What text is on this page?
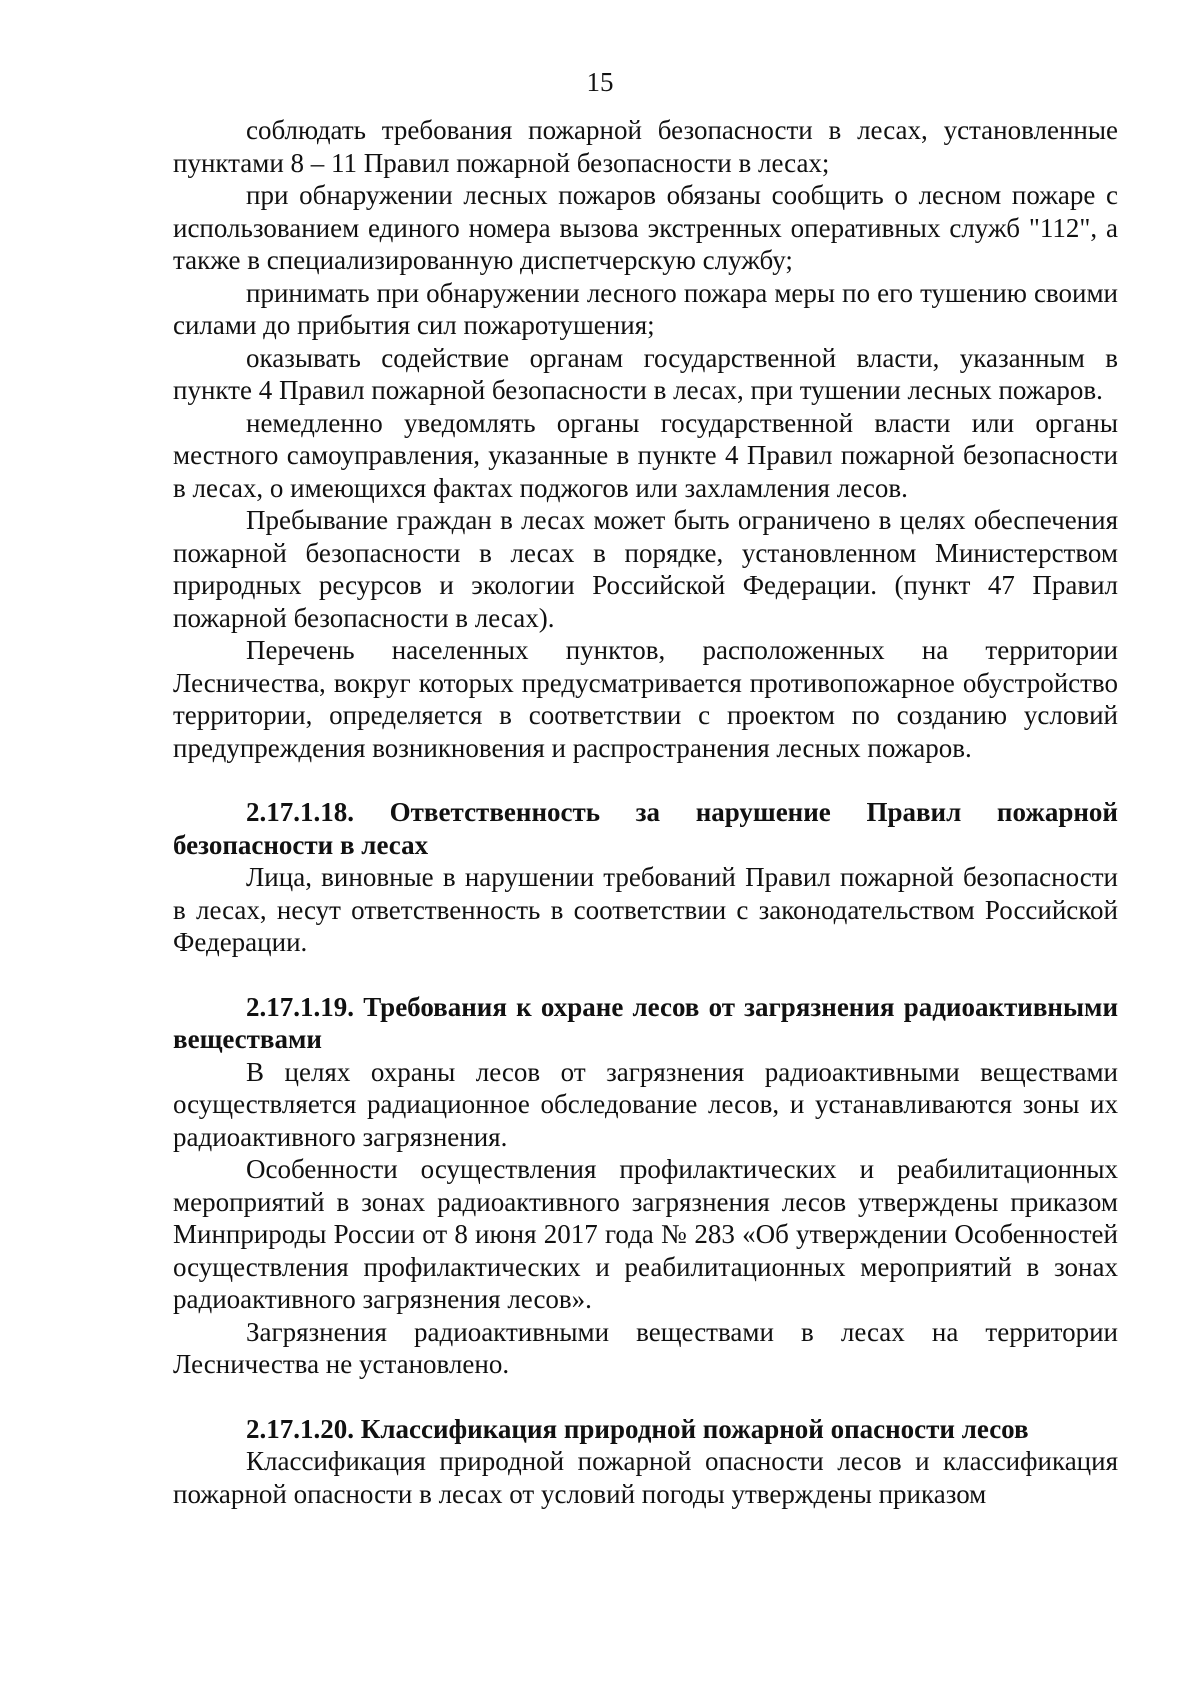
15

соблюдать требования пожарной безопасности в лесах, установленные пунктами 8 – 11 Правил пожарной безопасности в лесах;

при обнаружении лесных пожаров обязаны сообщить о лесном пожаре с использованием единого номера вызова экстренных оперативных служб "112", а также в специализированную диспетчерскую службу;

принимать при обнаружении лесного пожара меры по его тушению своими силами до прибытия сил пожаротушения;

оказывать содействие органам государственной власти, указанным в пункте 4 Правил пожарной безопасности в лесах, при тушении лесных пожаров.

немедленно уведомлять органы государственной власти или органы местного самоуправления, указанные в пункте 4 Правил пожарной безопасности в лесах, о имеющихся фактах поджогов или захламления лесов.

Пребывание граждан в лесах может быть ограничено в целях обеспечения пожарной безопасности в лесах в порядке, установленном Министерством природных ресурсов и экологии Российской Федерации. (пункт 47 Правил пожарной безопасности в лесах).

Перечень населенных пунктов, расположенных на территории Лесничества, вокруг которых предусматривается противопожарное обустройство территории, определяется в соответствии с проектом по созданию условий предупреждения возникновения и распространения лесных пожаров.

2.17.1.18. Ответственность за нарушение Правил пожарной безопасности в лесах

Лица, виновные в нарушении требований Правил пожарной безопасности в лесах, несут ответственность в соответствии с законодательством Российской Федерации.

2.17.1.19. Требования к охране лесов от загрязнения радиоактивными веществами

В целях охраны лесов от загрязнения радиоактивными веществами осуществляется радиационное обследование лесов, и устанавливаются зоны их радиоактивного загрязнения.

Особенности осуществления профилактических и реабилитационных мероприятий в зонах радиоактивного загрязнения лесов утверждены приказом Минприроды России от 8 июня 2017 года № 283 «Об утверждении Особенностей осуществления профилактических и реабилитационных мероприятий в зонах радиоактивного загрязнения лесов».

Загрязнения радиоактивными веществами в лесах на территории Лесничества не установлено.

2.17.1.20. Классификация природной пожарной опасности лесов

Классификация природной пожарной опасности лесов и классификация пожарной опасности в лесах от условий погоды утверждены приказом
